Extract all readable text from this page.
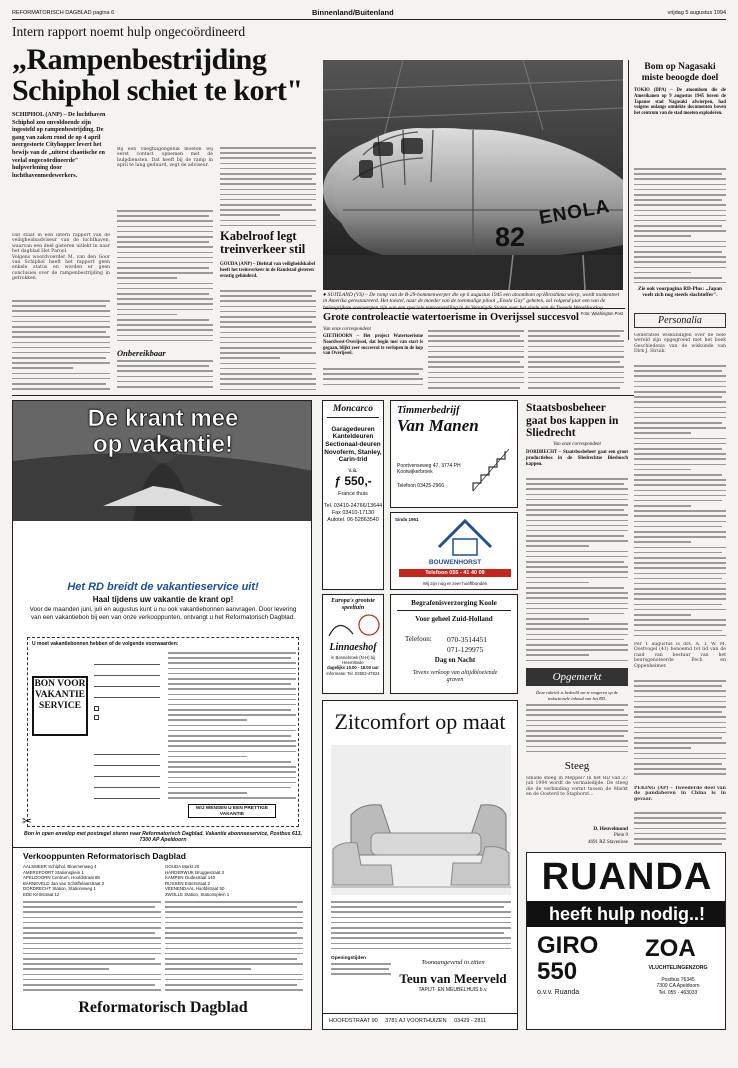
REFORMATORISCH DAGBLAD pagina 6	Binnenland/Buitenland	vrijdag 5 augustus 1994
Intern rapport noemt hulp ongecoördineerd
„Rampenbestrijding
Schiphol schiet te kort"
SCHIPHOL (ANP) – De luchthaven Schiphol zou onvoldoende zijn ingesteld op rampenbestrijding. De gang van zaken rond de op 4 april neergestorte Cityhopper levert het bewijs van de „uiterst chaotische en veelal ongecoördineerde" hulpverlening door luchthavenmedewerkers.

Dat staat in een intern rapport van de veiligheidsadviseur van de luchthaven, waarvan een deel gisteren uitlekt in naar het dagblad Het Parool.

Volgens woordvoerder M. van den Goor van Schiphol heeft het rapport geen enkele status en worden er geen conclusies over de rampenbestrijding in getrokken.

Bij een vliegtuigongeluk moeten wij eerst contact opnemen met de hulpdiensten. Dat heeft bij de ramp in april te lang geduurd, zegt de adviseur.
Onbereikbaar
Kabelroof legt treinverkeer stil
GOUDA (ANP) – Diefstal van veiligheidskabel heeft het treinverkeer in de Randstad gisteren ernstig gehinderd.
ENOLA
82
● SUITLAND (VS) – De romp van de B-29-bommenwerper die op 6 augustus 1945 een atoombom op Hiroshima wierp, wordt momenteel in Amerika gerestaureerd. Het toestel, naar de moeder van de toenmalige piloot „Enola Gay" geheten, zal volgend jaar een van de
Foto: Washington Post
Bom op Nagasaki miste beoogde doel
TOKIO (DPA) – De atoombom die de Amerikanen op 9 augustus 1945 boven de Japanse stad Nagasaki afwierpen, had volgens onlangs ontdekte documenten boven het centrum van de stad moeten exploderen.
Zie ook voorpagina RD-Plus: „Japan voelt zich nog steeds slachtoffer".
Personalia
Generaties wiskundigen over de hele wereld zijn opgegroeid met het boek Geschiedenis van de wiskunde van Dirk J. Struik.
Per 1 augustus is drs. A. T. W. M. Oostvogel (41) benoemd tot lid van de raad van bestuur van het beursgenoteerde Pech en Oppenheimer.
PEKING (AP) – Tweederde deel van de pandaberen in China is in gevaar.
Grote controleactie watertoerisme in Overijssel succesvol
Van onze correspondent
GIETHOORN – Het project Watertoerisme Noordwest-Overijssel, dat begin mei van start is gegaan, blijkt zeer succesvol te verlopen in de kop van Overijssel.
De krant mee
op vakantie!
Het RD breidt de vakantieservice uit!
Haal tijdens uw vakantie de krant op!
Voor de maanden juni, juli en augustus kunt u nu ook vakantiebonnen aanvragen. Door levering van een vakantiebon bij een van onze verkooppunten, ontvangt u het Reformatorisch Dagblad.
U moet vakantiebonnen hebben of de volgende voorwaarden:
BON VOOR VAKANTIE SERVICE
WIJ WENSEN U EEN PRETTIGE VAKANTIE
✂
Bon in open envelop met postzegel sturen naar Reformatorisch Dagblad, Vakantie abonneeservice, Postbus 613, 7300 AP Apeldoorn
Verkooppunten Reformatorisch Dagblad
AALSMEER Schiphol, Bloemenweg 4
AMERSFOORT Stationsplein 1
APELDOORN Centrum, Hoofdstraat 88
BARNEVELD Jan van Schaffelaarstraat 2
DORDRECHT Station, Stationsweg 1
EDE Kerkstraat 12
GOUDA Markt 20
HARDERWIJK Bruggestraat 3
KAMPEN Oudestraat 140
RIJSSEN Enterstraat 2
VEENENDAAL Hoofdstraat 50
ZWOLLE Station, Stationsplein 1
Reformatorisch Dagblad
Moncarco
Garagedeuren
Kanteldeuren
Sectionaal-deuren
Novoferm, Stanley, Carin-trid
v.a.
ƒ 550,-
France thuis
Tel. 03410-24766/13644
Fax 03410-17130
Autotel. 06-52863540
Timmerbedrijf
Van Manen
Poortvenseweg 47, 3774 PH Kootwijkerbroek
Telefoon 03425-2966
Sinds 1951
BOUWENHORST
Telefoon 055 - 41 40 09
Wij zijn nog er zeer hoeftbonden
Europa's grootste speeltuin
Linnaeshof
in Bennebroek (N-H) bij Heemstede
dagelijks 10.00 - 18.00 uur
Informatie: Tel. 02503-47624
Begrafenisverzorging Koole
Voor geheel Zuid-Holland
Telefoon: 070-3514451
071-129975
Dag en Nacht
Tevens verkoop van altijdbloeiende graven
Zitcomfort op maat
Openingstijden
Toonaangevend in zitten
Teun van Meerveld
TAPIJT- EN MEUBELHUIS b.v.
HOOFDSTRAAT 90 3781 AJ VOORTHUIZEN 03429 - 2811
Staatsbosbeheer gaat bos kappen in Sliedrecht
Van onze correspondent
DORDRECHT – Staatsbosbeheer gaat een groot productiebos in de Sliedrechtse Biesbosch kappen.
Opgemerkt
Deze rubriek is bedoeld om te reageren op de redactionele inhoud van het RD.
Steeg
Smalle steeg in Meppel? In het RD van 27 juli 1994 wordt de vermaledijde. De steeg die de verbinding vormt tussen de Markt en de Oosterd te Staphorst...
D. Heuvelmond
Plein 9
4691 RZ Stavenisse
RUANDA
heeft hulp nodig..!
GIRO
550
o.v.v. Ruanda
ZOA
VLUCHTELINGENZORG
Postbus 76345
7300 CA Apeldoorn
Tel. 055 - 463033
